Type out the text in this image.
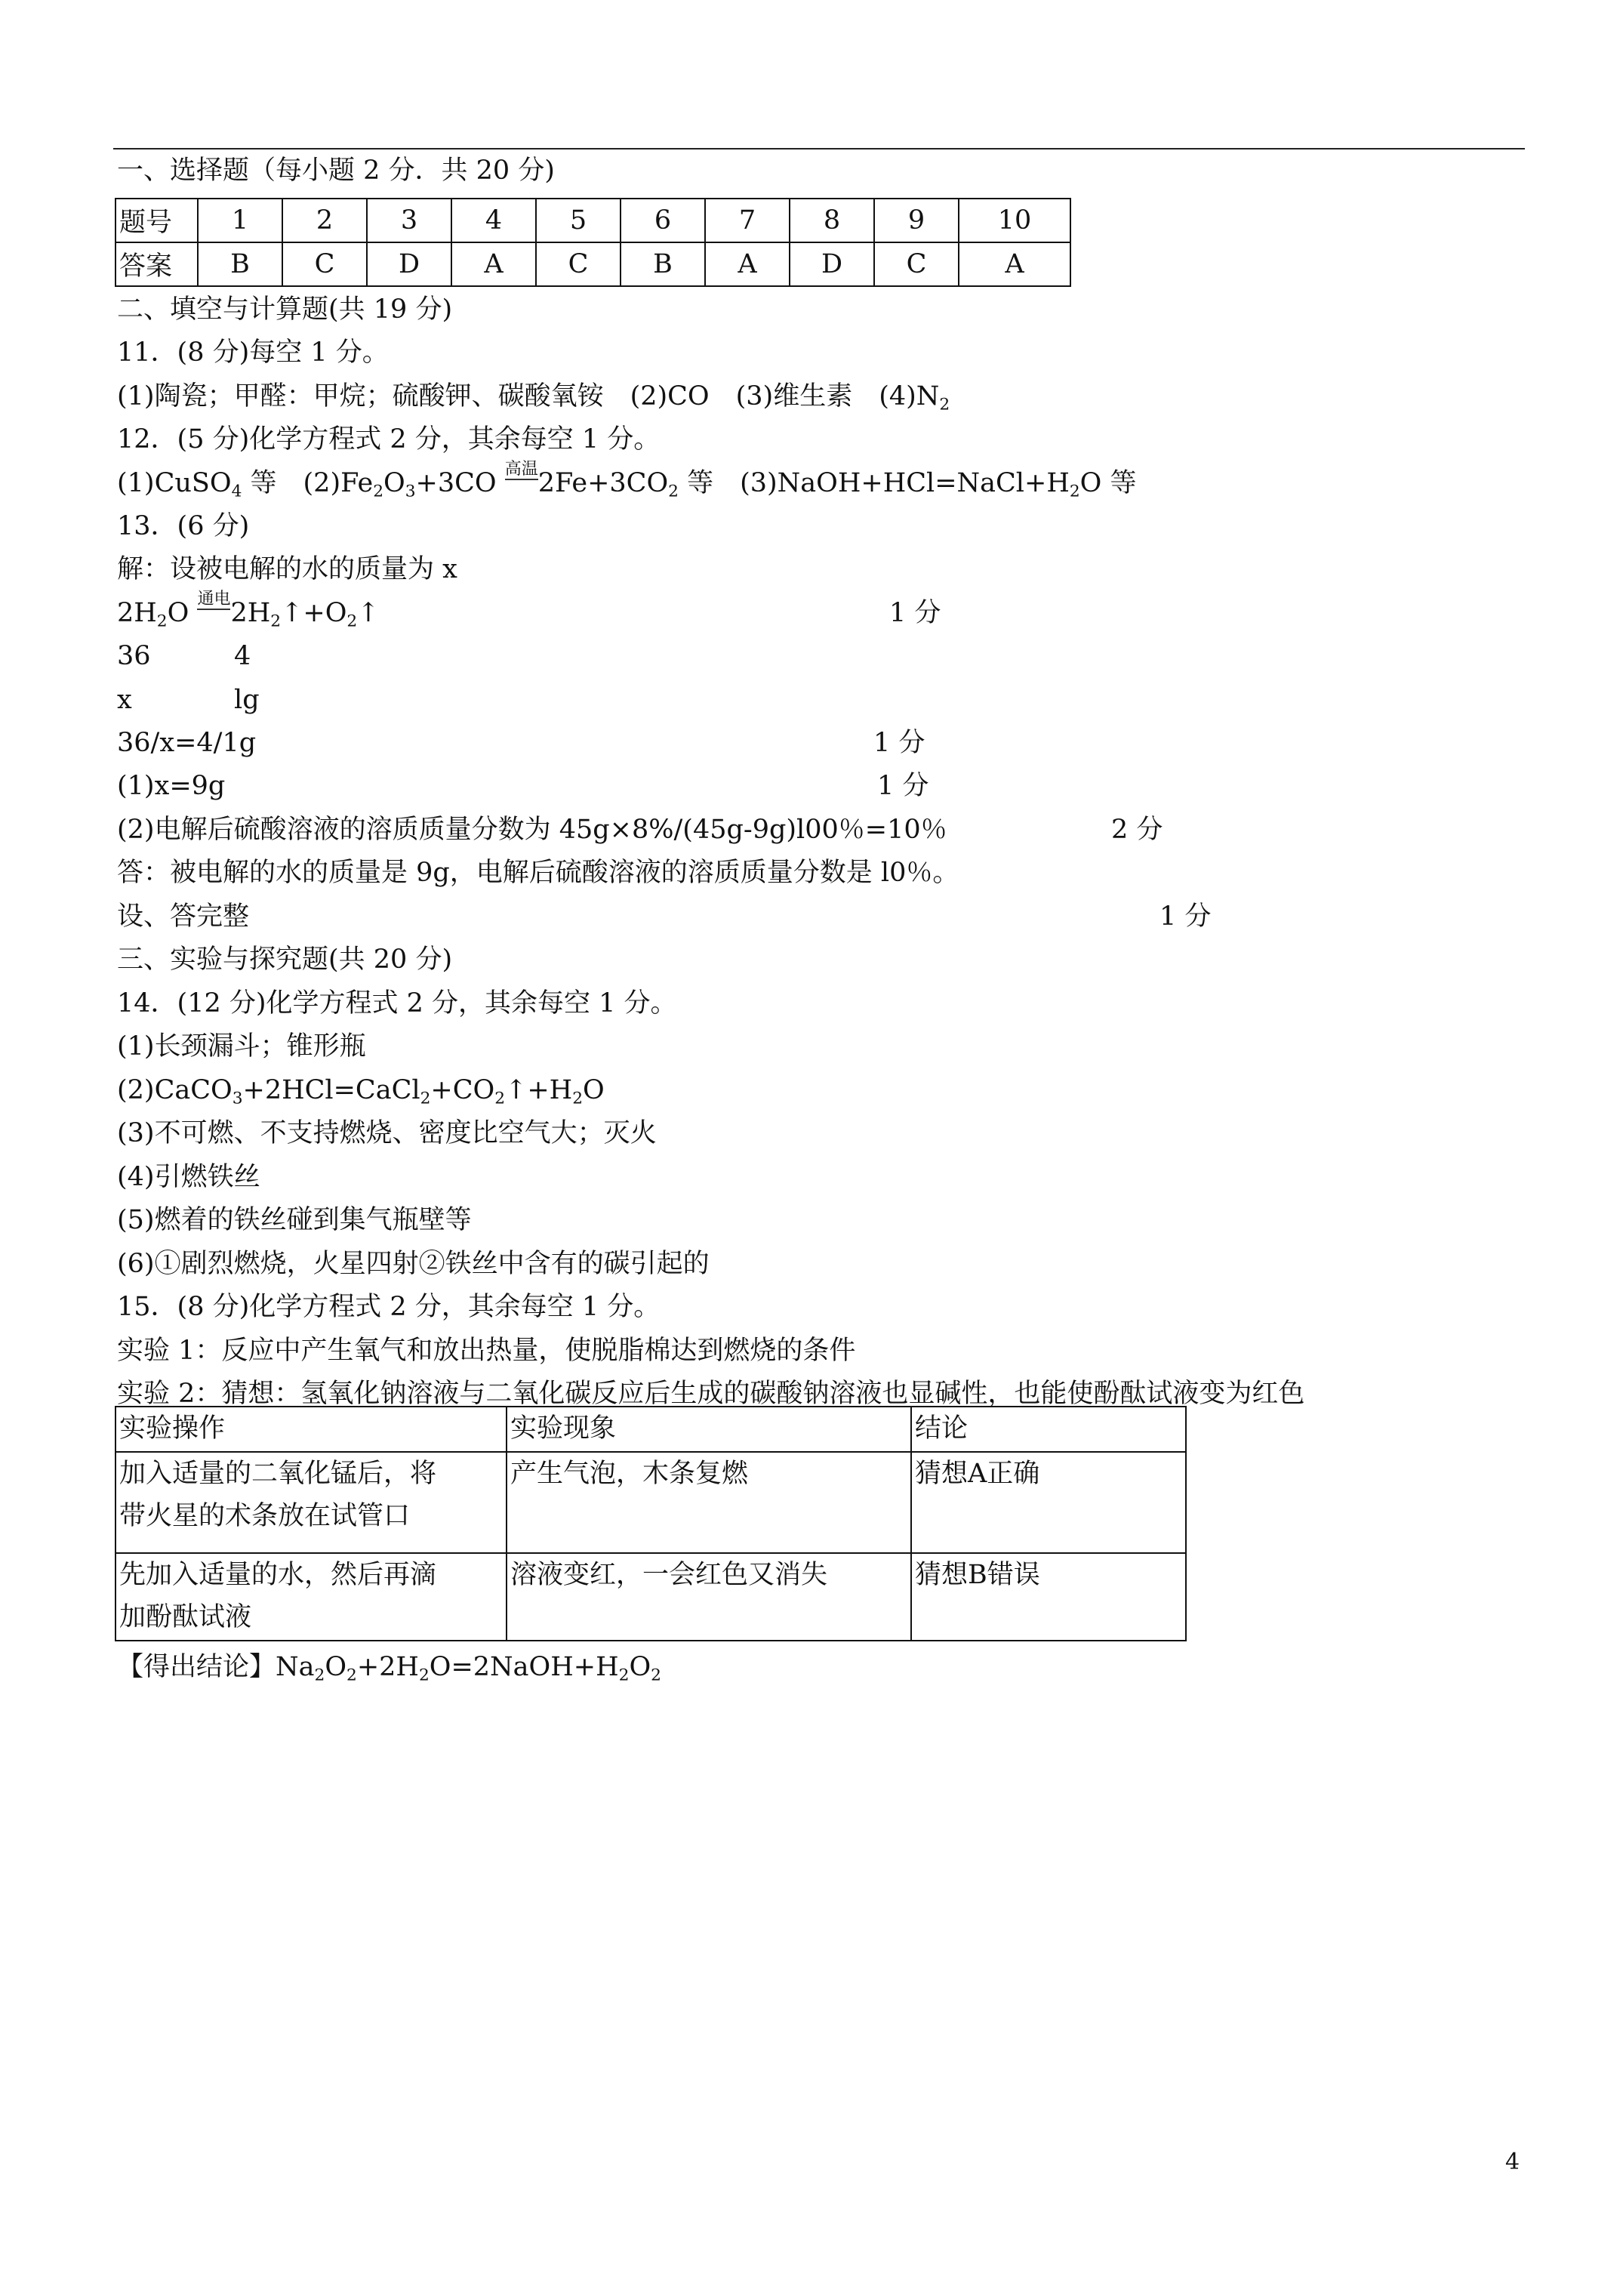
一、选择题（每小题 2 分．共 20 分)
题号	1	2	3	4	5	6	7	8	9	10
答案	B	C	D	A	C	B	A	D	C	A
二、填空与计算题(共 19 分)
11．(8 分)每空 1 分。
(1)陶瓷；甲醛：甲烷；硫酸钾、碳酸氧铵　(2)CO　(3)维生素　$(4)N_2$
12．(5 分)化学方程式 2 分，其余每空 1 分。
(1)CuSO$_4$ 等　$(2)Fe_2O_3+3CO$ 高温 $2Fe+3CO_2$ 等　$(3)NaOH+HCl=NaCl+H_2O$ 等
13．(6 分)
解：设被电解的水的质量为 x
$2H_2O$ 通电 $2H_2↑+O_2↑$	1 分
36	4
x	lg
36/x=4/1g	1 分
(1)x=9g	1 分
(2)电解后硫酸溶液的溶质质量分数为 45g×8%/(45g-9g)l00％=10％	2 分
答：被电解的水的质量是 9g，电解后硫酸溶液的溶质质量分数是 l0％。
设、答完整	1 分
三、实验与探究题(共 20 分)
14．(12 分)化学方程式 2 分，其余每空 1 分。
(1)长颈漏斗；锥形瓶
$(2)CaCO_3+2HCl=CaCl_2+CO_2↑+H_2O$
(3)不可燃、不支持燃烧、密度比空气大；灭火
(4)引燃铁丝
(5)燃着的铁丝碰到集气瓶壁等
(6)①剧烈燃烧，火星四射②铁丝中含有的碳引起的
15．(8 分)化学方程式 2 分，其余每空 1 分。
实验 1：反应中产生氧气和放出热量，使脱脂棉达到燃烧的条件
实验 2：猜想：氢氧化钠溶液与二氧化碳反应后生成的碳酸钠溶液也显碱性，也能使酚酞试液变为红色
实验操作	实验现象	结论

加入适量的二氧化锰后，将
带火星的术条放在试管口	产生气泡，木条复燃	猜想A正确

先加入适量的水，然后再滴
加酚酞试液	溶液变红，一会红色又消失	猜想B错误
【得出结论】$Na_2O_2+2H_2O=2NaOH+H_2O_2$
4
